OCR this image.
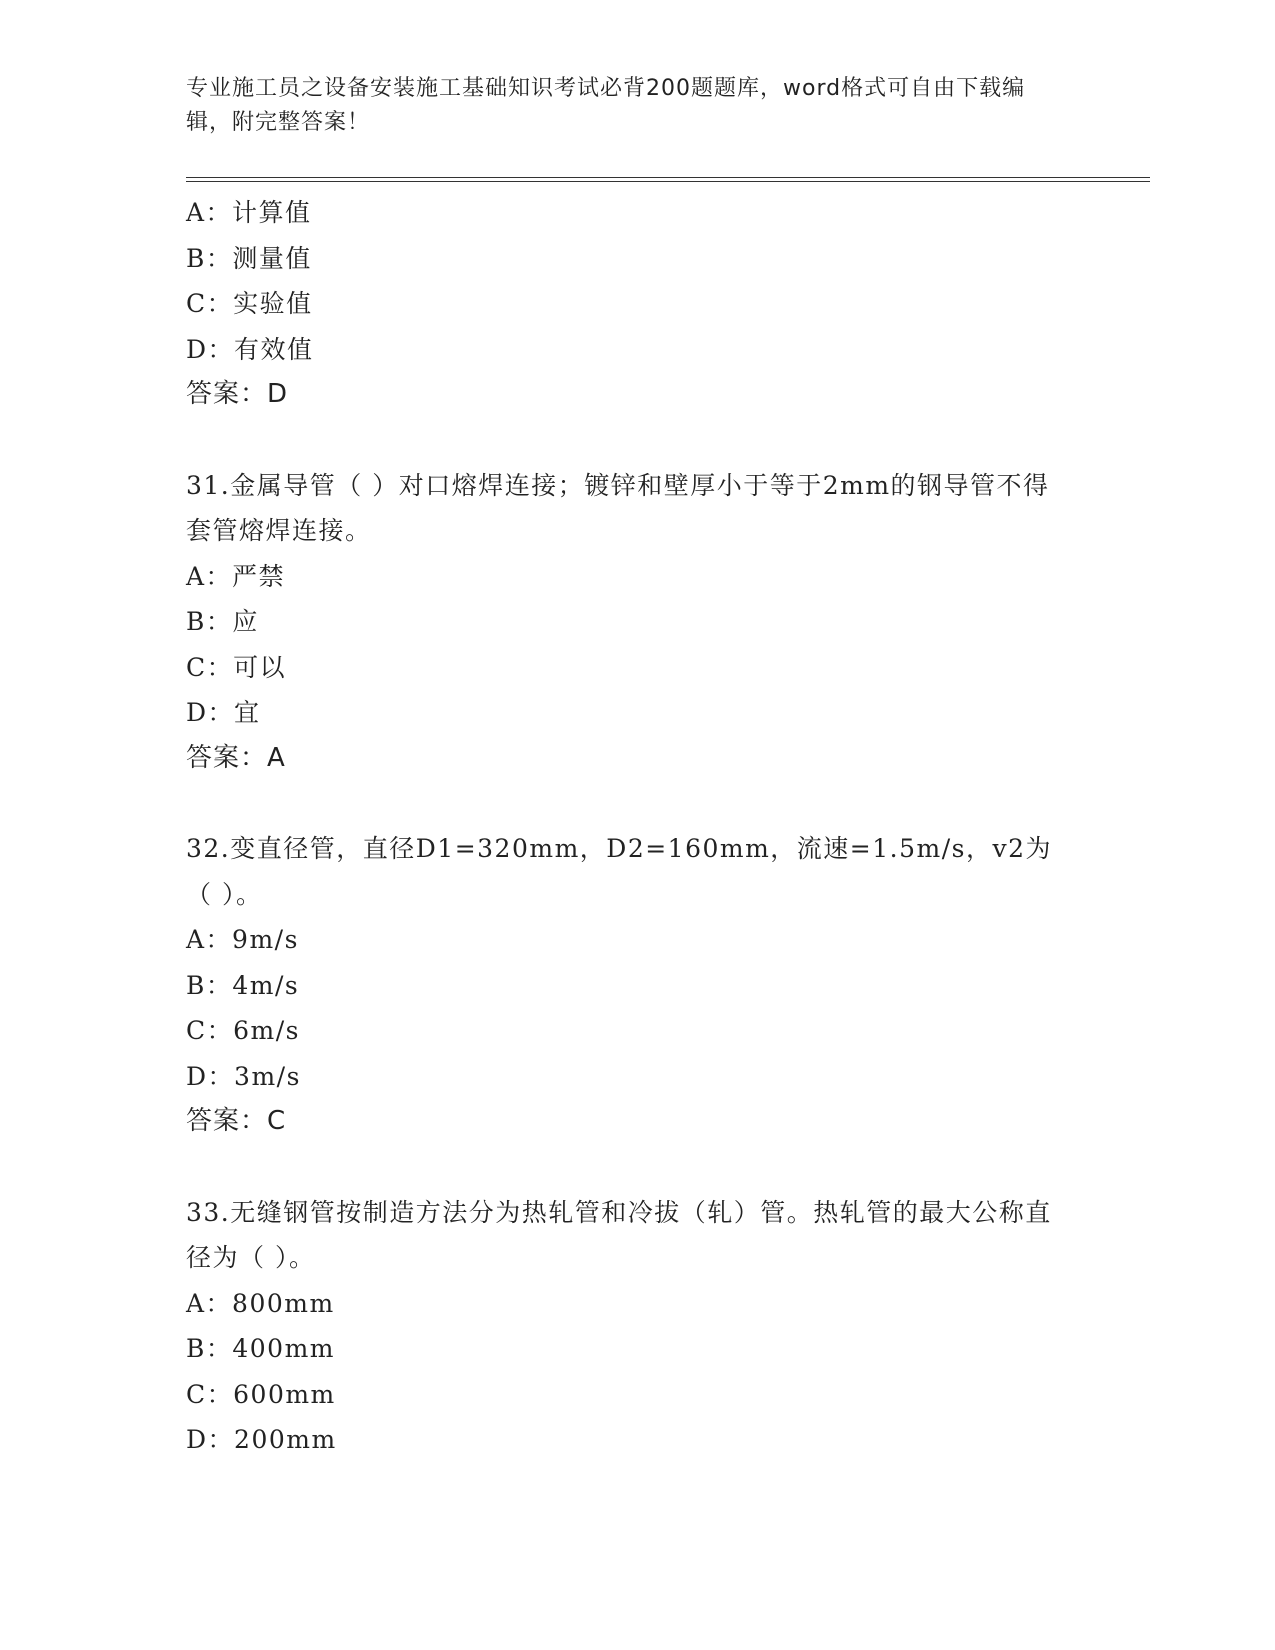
专业施工员之设备安装施工基础知识考试必背200题题库，word格式可自由下载编辑，附完整答案！
A：计算值
B：测量值
C：实验值
D：有效值
答案：D
31.金属导管（ ）对口熔焊连接；镀锌和壁厚小于等于2mm的钢导管不得套管熔焊连接。
A：严禁
B：应
C：可以
D：宜
答案：A
32.变直径管，直径D1=320mm，D2=160mm，流速=1.5m/s，v2为（ ）。
A：9m/s
B：4m/s
C：6m/s
D：3m/s
答案：C
33.无缝钢管按制造方法分为热轧管和冷拔（轧）管。热轧管的最大公称直径为（ ）。
A：800mm
B：400mm
C：600mm
D：200mm
